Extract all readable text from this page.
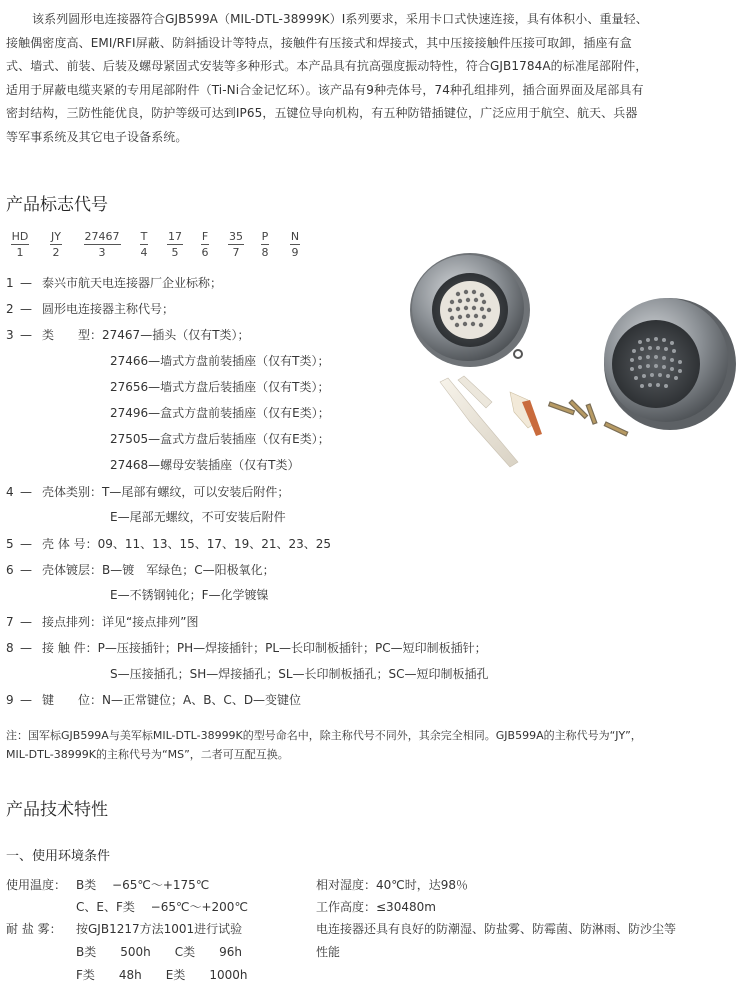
该系列圆形电连接器符合GJB599A（MIL-DTL-38999K）I系列要求，采用卡口式快速连接，具有体积小、重量轻、

接触偶密度高、EMI/RFI屏蔽、防斜插设计等特点，接触件有压接式和焊接式，其中压接接触件压接可取卸，插座有盒

式、墙式、前装、后装及螺母紧固式安装等多种形式。本产品具有抗高强度振动特性，符合GJB1784A的标准尾部附件，

适用于屏蔽电缆夹紧的专用尾部附件（Ti-Ni合金记忆环）。该产品有9种壳体号，74种孔组排列，插合面界面及尾部具有

密封结构，三防性能优良，防护等级可达到IP65，五键位导向机构，有五种防错插键位，广泛应用于航空、航天、兵器

等军事系统及其它电子设备系统。

产品标志代号
HD
1
JY
2
27467
3
T
4
17
5
F
6
35
7
P
8
N
9
1 — 泰兴市航天电连接器厂企业标称；
2 — 圆形电连接器主称代号；
3 — 类　　型：27467—插头（仅有T类）；
27466—墙式方盘前装插座（仅有T类）；
27656—墙式方盘后装插座（仅有T类）；
27496—盒式方盘前装插座（仅有E类）；
27505—盒式方盘后装插座（仅有E类）；
27468—螺母安装插座（仅有T类）
4 — 壳体类别：T—尾部有螺纹，可以安装后附件；
E—尾部无螺纹，不可安装后附件
5 — 壳 体 号：09、11、13、15、17、19、21、23、25
6 — 壳体镀层：B—镀　军绿色；C—阳极氧化；
E—不锈钢钝化；F—化学镀镍
7 — 接点排列：详见“接点排列”图
8 — 接 触 件：P—压接插针；PH—焊接插针；PL—长印制板插针；PC—短印制板插针；
S—压接插孔；SH—焊接插孔；SL—长印制板插孔；SC—短印制板插孔
9 — 键　　位：N—正常键位；A、B、C、D—变键位
注：国军标GJB599A与美军标MIL-DTL-38999K的型号命名中，除主称代号不同外，其余完全相同。GJB599A的主称代号为“JY”，
MIL-DTL-38999K的主称代号为“MS”，二者可互配互换。
产品技术特性
一、使用环境条件
使用温度： B类　 −65℃～+175℃
C、E、F类　 −65℃～+200℃
耐 盐 雾： 按GJB1217方法1001进行试验
B类　　500h　　C类　　96h
F类　　48h　　E类　　1000h
相对湿度：40℃时，达98％
工作高度：≤30480m
电连接器还具有良好的防潮湿、防盐雾、防霉菌、防淋雨、防沙尘等
性能
